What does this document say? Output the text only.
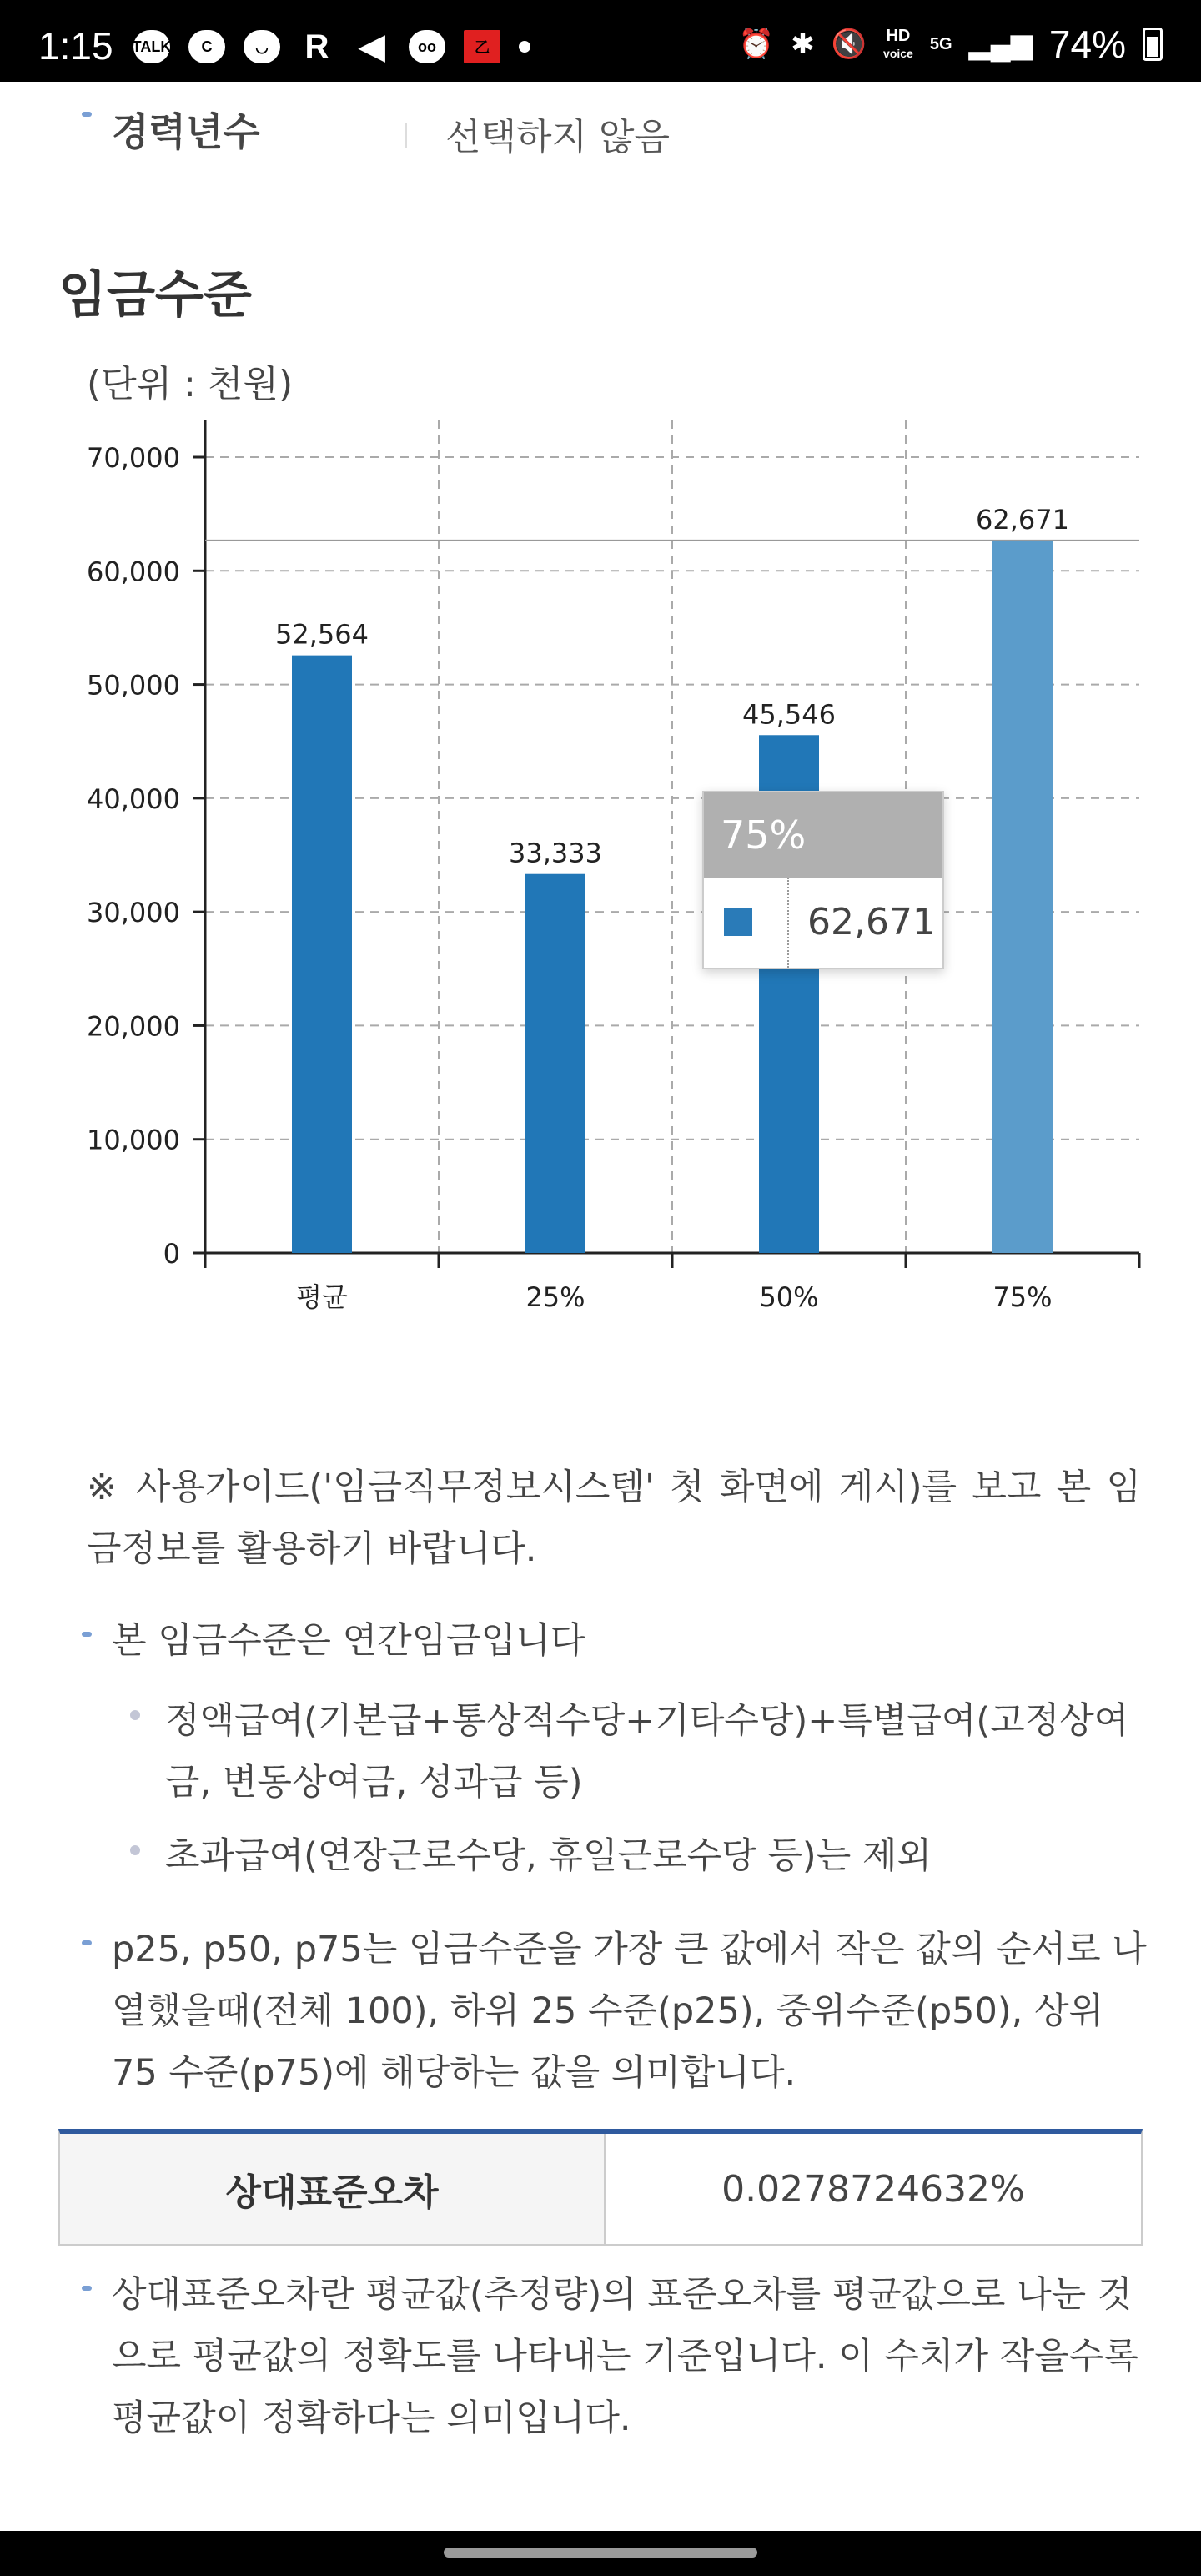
1:15 TALK	C	◡	R ◀	oo	乙	⏰ ✱ 🔇 HD
voice 5G ▂▄▆ 74%
경력년수	선택하지 않음
임금수준
(단위 : 천원)
0
10,000
20,000
30,000
40,000
50,000
60,000
70,000
52,564
평균
33,333
25%
45,546
50%
62,671
75%
75%
62,671
※ 사용가이드('임금직무정보시스템' 첫 화면에 게시)를 보고 본 임금정보를 활용하기 바랍니다.
본 임금수준은 연간임금입니다
정액급여(기본급+통상적수당+기타수당)+특별급여(고정상여금, 변동상여금, 성과급 등)
초과급여(연장근로수당, 휴일근로수당 등)는 제외
p25, p50, p75는 임금수준을 가장 큰 값에서 작은 값의 순서로 나열했을때(전체 100), 하위 25 수준(p25), 중위수준(p50), 상위 75 수준(p75)에 해당하는 값을 의미합니다.
상대표준오차	0.0278724632%
상대표준오차란 평균값(추정량)의 표준오차를 평균값으로 나눈 것으로 평균값의 정확도를 나타내는 기준입니다. 이 수치가 작을수록 평균값이 정확하다는 의미입니다.
